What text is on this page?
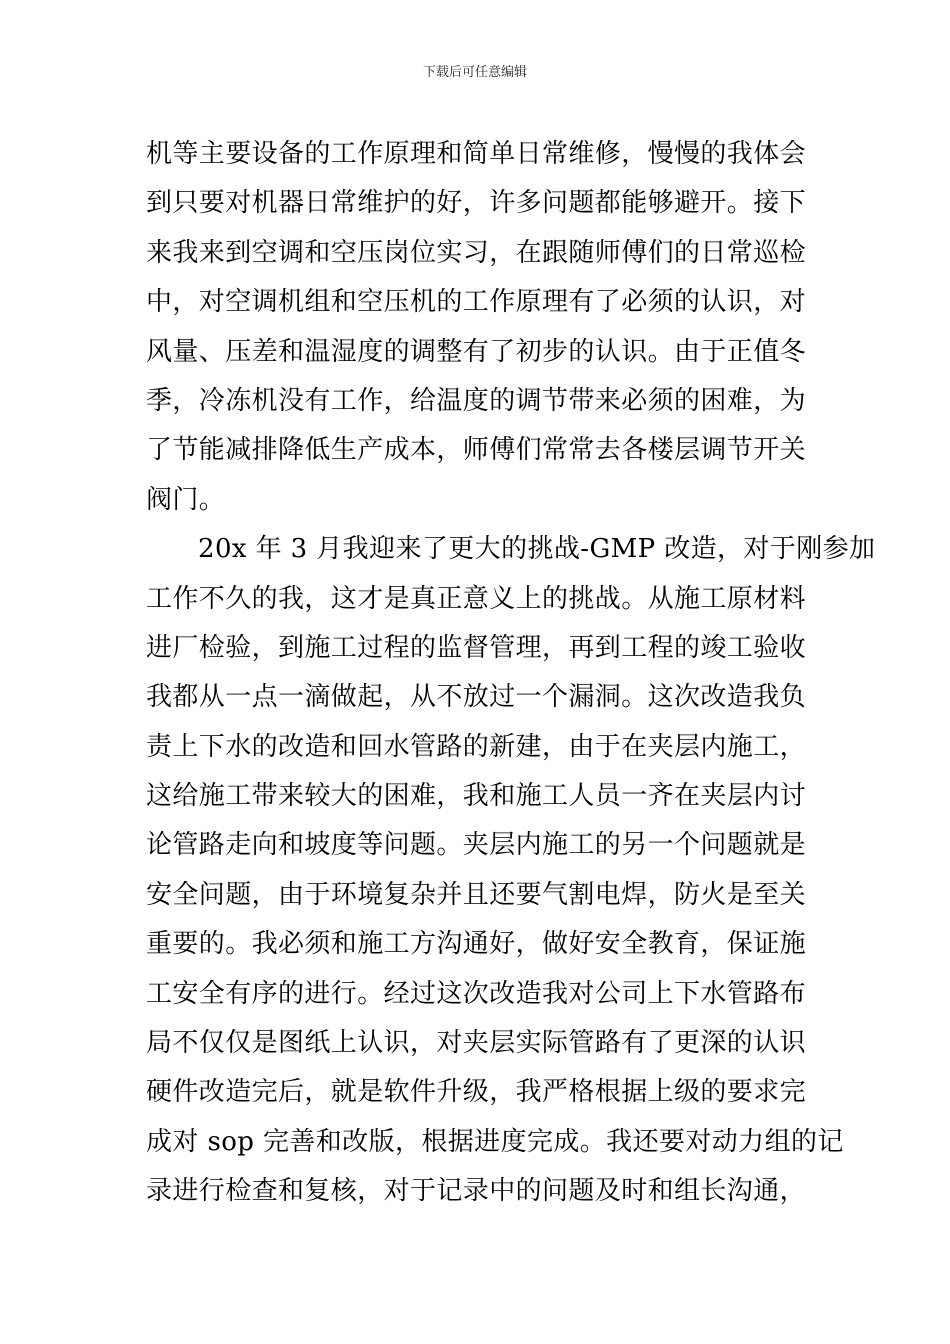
下载后可任意编辑
机等主要设备的工作原理和简单日常维修，慢慢的我体会
到只要对机器日常维护的好，许多问题都能够避开。接下
来我来到空调和空压岗位实习，在跟随师傅们的日常巡检
中，对空调机组和空压机的工作原理有了必须的认识，对
风量、压差和温湿度的调整有了初步的认识。由于正值冬
季，冷冻机没有工作，给温度的调节带来必须的困难，为
了节能减排降低生产成本，师傅们常常去各楼层调节开关
阀门。
20x 年 3 月我迎来了更大的挑战-GMP 改造，对于刚参加
工作不久的我，这才是真正意义上的挑战。从施工原材料
进厂检验，到施工过程的监督管理，再到工程的竣工验收
我都从一点一滴做起，从不放过一个漏洞。这次改造我负
责上下水的改造和回水管路的新建，由于在夹层内施工，
这给施工带来较大的困难，我和施工人员一齐在夹层内讨
论管路走向和坡度等问题。夹层内施工的另一个问题就是
安全问题，由于环境复杂并且还要气割电焊，防火是至关
重要的。我必须和施工方沟通好，做好安全教育，保证施
工安全有序的进行。经过这次改造我对公司上下水管路布
局不仅仅是图纸上认识，对夹层实际管路有了更深的认识
硬件改造完后，就是软件升级，我严格根据上级的要求完
成对 sop 完善和改版，根据进度完成。我还要对动力组的记
录进行检查和复核，对于记录中的问题及时和组长沟通，
